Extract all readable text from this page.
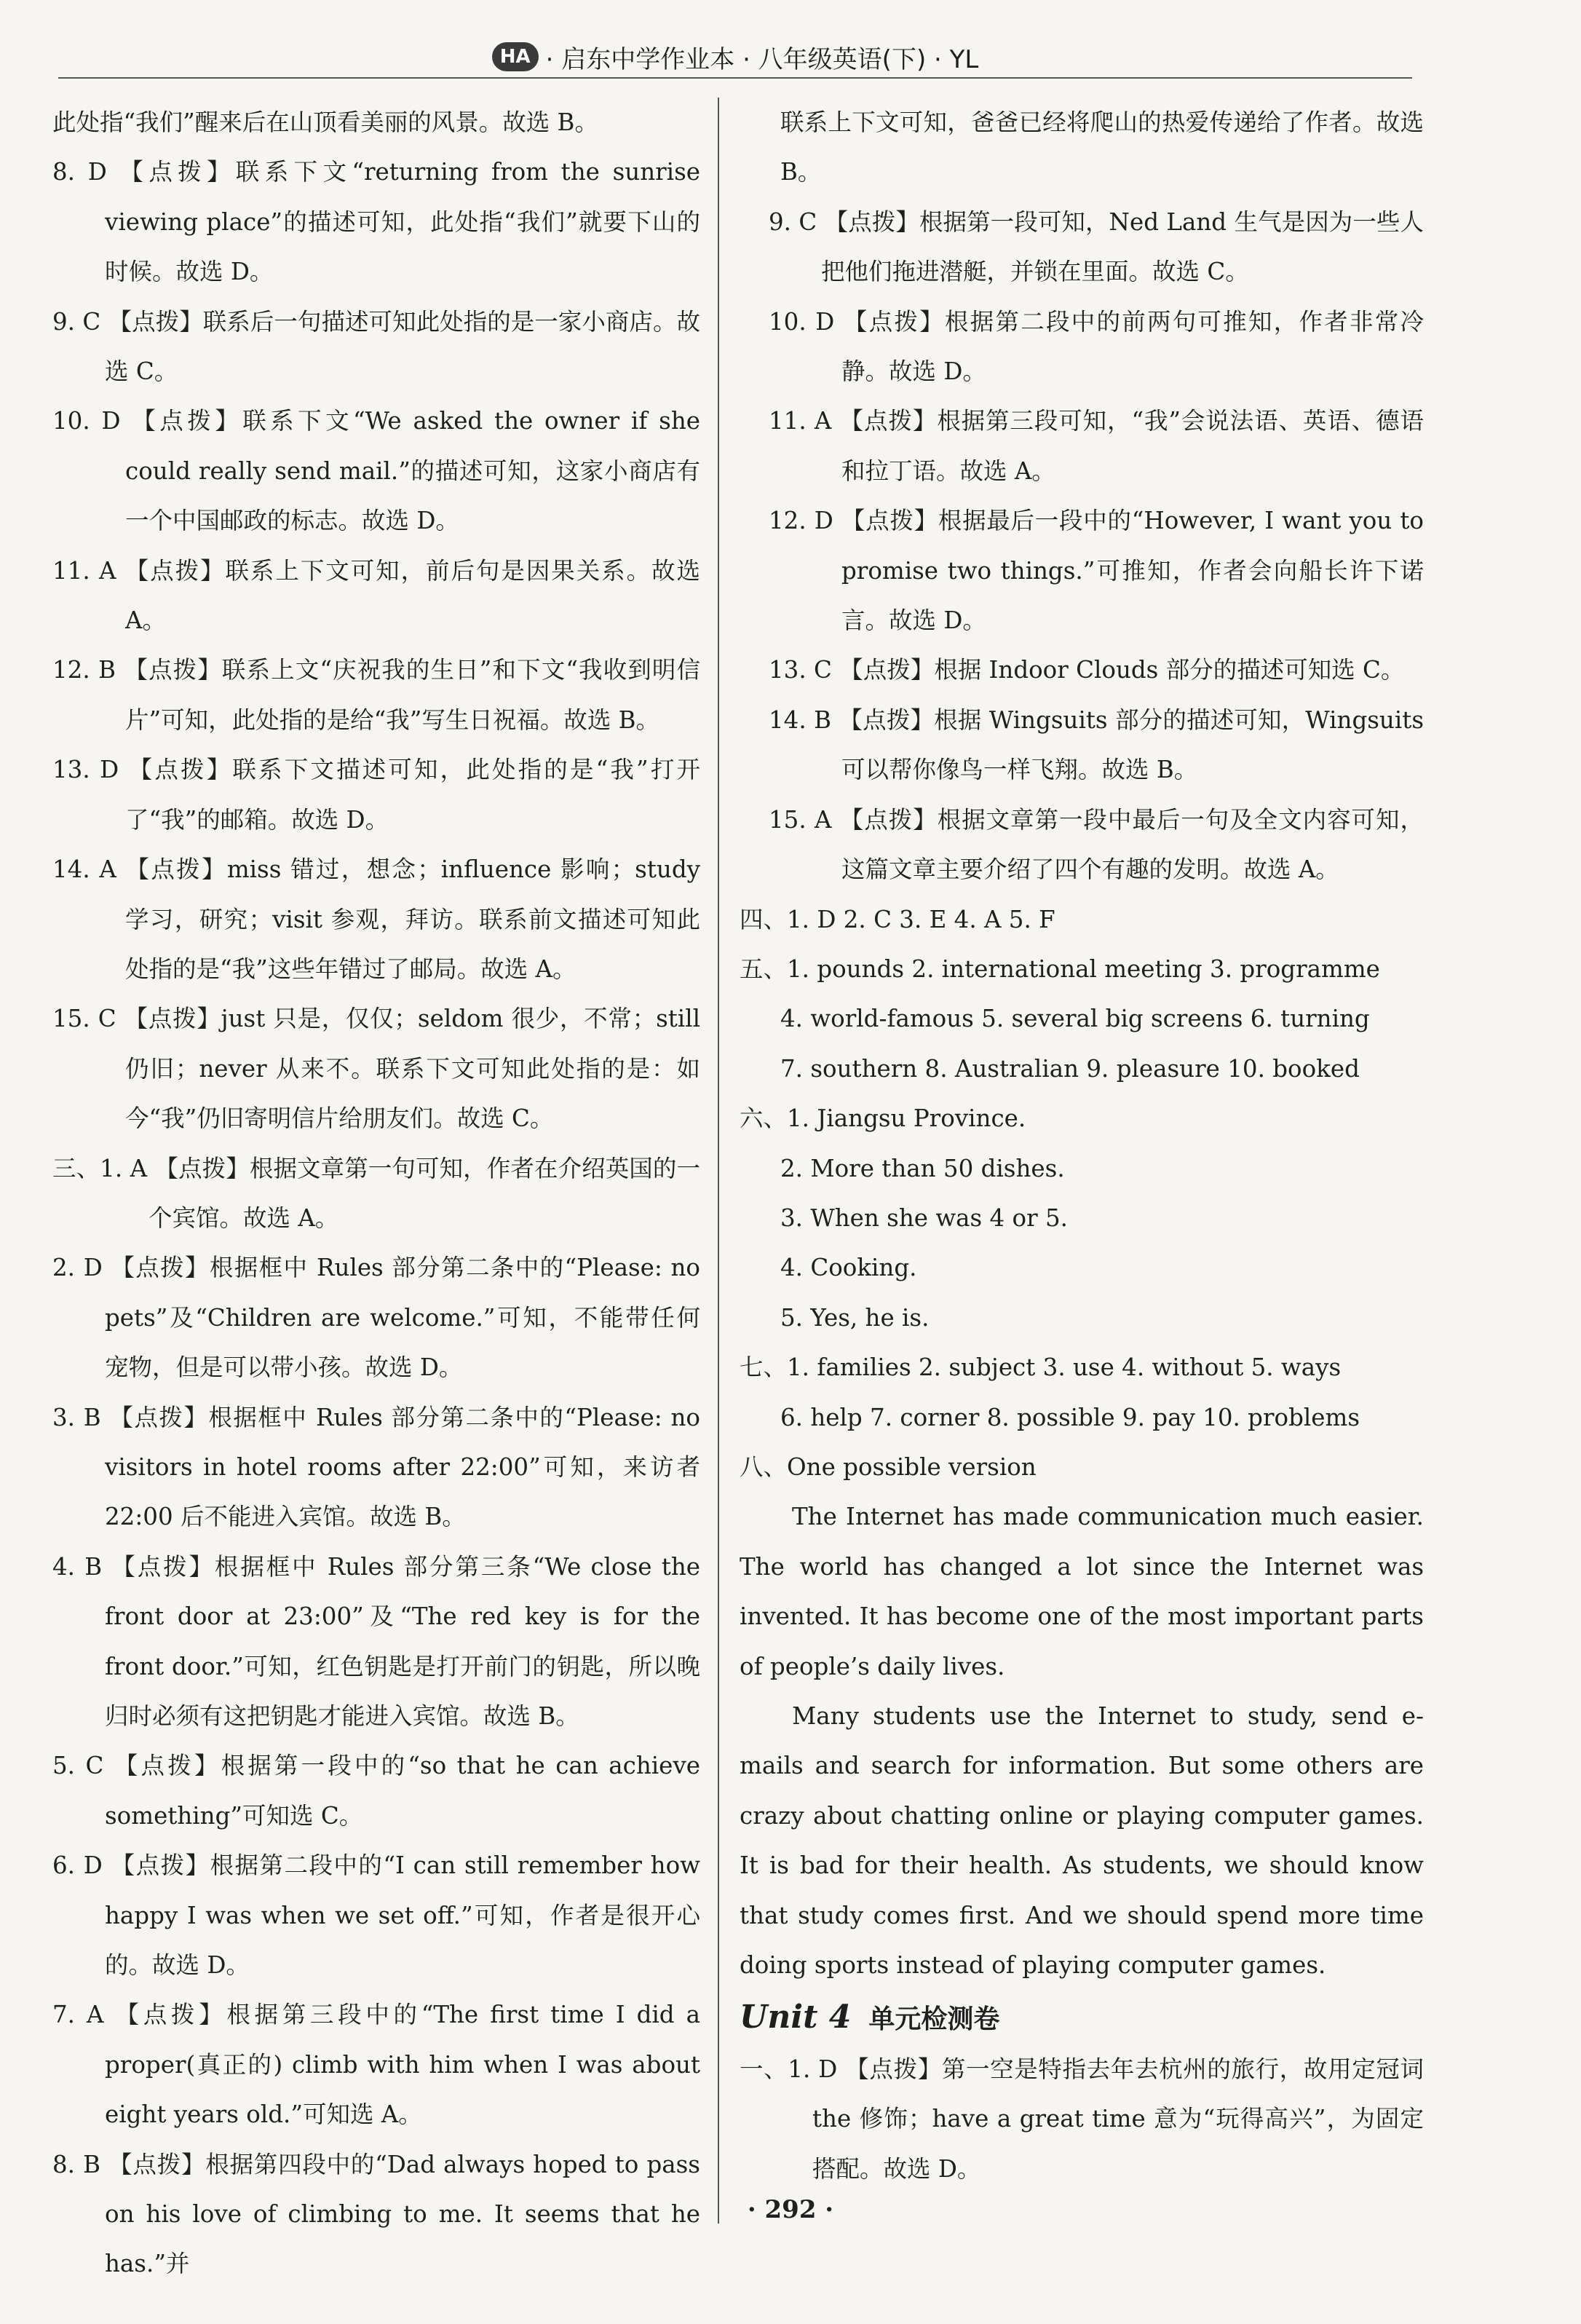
HA · 启东中学作业本 · 八年级英语(下) · YL

此处指“我们”醒来后在山顶看美丽的风景。故选 B。

8. D 【点拨】联系下文“returning from the sunrise viewing place”的描述可知，此处指“我们”就要下山的时候。故选 D。

9. C 【点拨】联系后一句描述可知此处指的是一家小商店。故选 C。

10. D 【点拨】联系下文“We asked the owner if she could really send mail.”的描述可知，这家小商店有一个中国邮政的标志。故选 D。

11. A 【点拨】联系上下文可知，前后句是因果关系。故选 A。

12. B 【点拨】联系上文“庆祝我的生日”和下文“我收到明信片”可知，此处指的是给“我”写生日祝福。故选 B。

13. D 【点拨】联系下文描述可知，此处指的是“我”打开了“我”的邮箱。故选 D。

14. A 【点拨】miss 错过，想念；influence 影响；study 学习，研究；visit 参观，拜访。联系前文描述可知此处指的是“我”这些年错过了邮局。故选 A。

15. C 【点拨】just 只是，仅仅；seldom 很少，不常；still 仍旧；never 从来不。联系下文可知此处指的是：如今“我”仍旧寄明信片给朋友们。故选 C。

三、1. A 【点拨】根据文章第一句可知，作者在介绍英国的一个宾馆。故选 A。

2. D 【点拨】根据框中 Rules 部分第二条中的“Please: no pets”及“Children are welcome.”可知，不能带任何宠物，但是可以带小孩。故选 D。

3. B 【点拨】根据框中 Rules 部分第二条中的“Please: no visitors in hotel rooms after 22:00”可知，来访者 22:00 后不能进入宾馆。故选 B。

4. B 【点拨】根据框中 Rules 部分第三条“We close the front door at 23:00”及“The red key is for the front door.”可知，红色钥匙是打开前门的钥匙，所以晚归时必须有这把钥匙才能进入宾馆。故选 B。

5. C 【点拨】根据第一段中的“so that he can achieve something”可知选 C。

6. D 【点拨】根据第二段中的“I can still remember how happy I was when we set off.”可知，作者是很开心的。故选 D。

7. A 【点拨】根据第三段中的“The first time I did a proper(真正的) climb with him when I was about eight years old.”可知选 A。

8. B 【点拨】根据第四段中的“Dad always hoped to pass on his love of climbing to me. It seems that he has.”并

联系上下文可知，爸爸已经将爬山的热爱传递给了作者。故选 B。

9. C 【点拨】根据第一段可知，Ned Land 生气是因为一些人把他们拖进潜艇，并锁在里面。故选 C。

10. D 【点拨】根据第二段中的前两句可推知，作者非常冷静。故选 D。

11. A 【点拨】根据第三段可知，“我”会说法语、英语、德语和拉丁语。故选 A。

12. D 【点拨】根据最后一段中的“However, I want you to promise two things.”可推知，作者会向船长许下诺言。故选 D。

13. C 【点拨】根据 Indoor Clouds 部分的描述可知选 C。

14. B 【点拨】根据 Wingsuits 部分的描述可知，Wingsuits 可以帮你像鸟一样飞翔。故选 B。

15. A 【点拨】根据文章第一段中最后一句及全文内容可知，这篇文章主要介绍了四个有趣的发明。故选 A。

四、1. D 2. C 3. E 4. A 5. F

五、1. pounds 2. international meeting 3. programme

4. world-famous 5. several big screens 6. turning

7. southern 8. Australian 9. pleasure 10. booked

六、1. Jiangsu Province.

2. More than 50 dishes.

3. When she was 4 or 5.

4. Cooking.

5. Yes, he is.

七、1. families 2. subject 3. use 4. without 5. ways

6. help 7. corner 8. possible 9. pay 10. problems

八、One possible version

The Internet has made communication much easier. The world has changed a lot since the Internet was invented. It has become one of the most important parts of people’s daily lives.

Many students use the Internet to study, send e-mails and search for information. But some others are crazy about chatting online or playing computer games. It is bad for their health. As students, we should know that study comes first. And we should spend more time doing sports instead of playing computer games.

Unit 4 单元检测卷

一、1. D 【点拨】第一空是特指去年去杭州的旅行，故用定冠词 the 修饰；have a great time 意为“玩得高兴”，为固定搭配。故选 D。

· 292 ·
